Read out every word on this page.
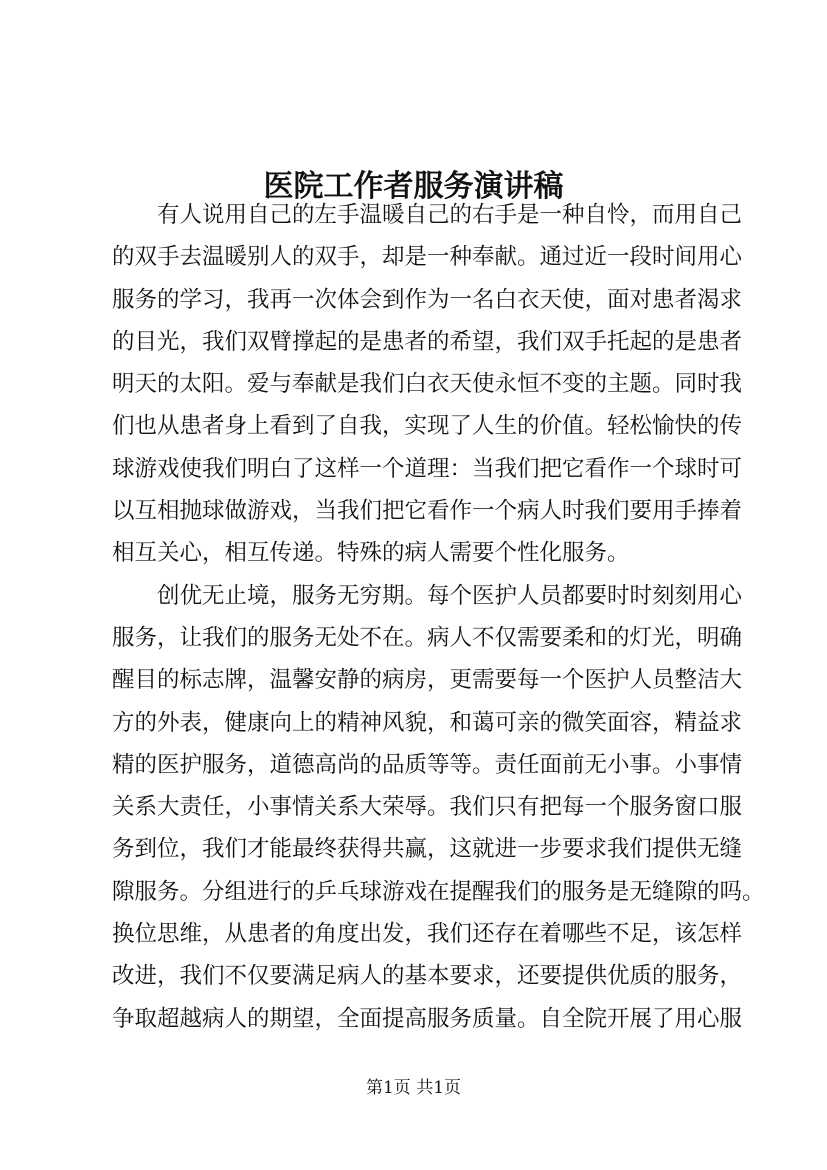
医院工作者服务演讲稿
有人说用自己的左手温暖自己的右手是一种自怜，而用自己
的双手去温暖别人的双手，却是一种奉献。通过近一段时间用心
服务的学习，我再一次体会到作为一名白衣天使，面对患者渴求
的目光，我们双臂撑起的是患者的希望，我们双手托起的是患者
明天的太阳。爱与奉献是我们白衣天使永恒不变的主题。同时我
们也从患者身上看到了自我，实现了人生的价值。轻松愉快的传
球游戏使我们明白了这样一个道理：当我们把它看作一个球时可
以互相抛球做游戏，当我们把它看作一个病人时我们要用手捧着
相互关心，相互传递。特殊的病人需要个性化服务。
创优无止境，服务无穷期。每个医护人员都要时时刻刻用心
服务，让我们的服务无处不在。病人不仅需要柔和的灯光，明确
醒目的标志牌，温馨安静的病房，更需要每一个医护人员整洁大
方的外表，健康向上的精神风貌，和蔼可亲的微笑面容，精益求
精的医护服务，道德高尚的品质等等。责任面前无小事。小事情
关系大责任，小事情关系大荣辱。我们只有把每一个服务窗口服
务到位，我们才能最终获得共赢，这就进一步要求我们提供无缝
隙服务。分组进行的乒乓球游戏在提醒我们的服务是无缝隙的吗。
换位思维，从患者的角度出发，我们还存在着哪些不足，该怎样
改进，我们不仅要满足病人的基本要求，还要提供优质的服务，
争取超越病人的期望，全面提高服务质量。自全院开展了用心服
第1页 共1页
